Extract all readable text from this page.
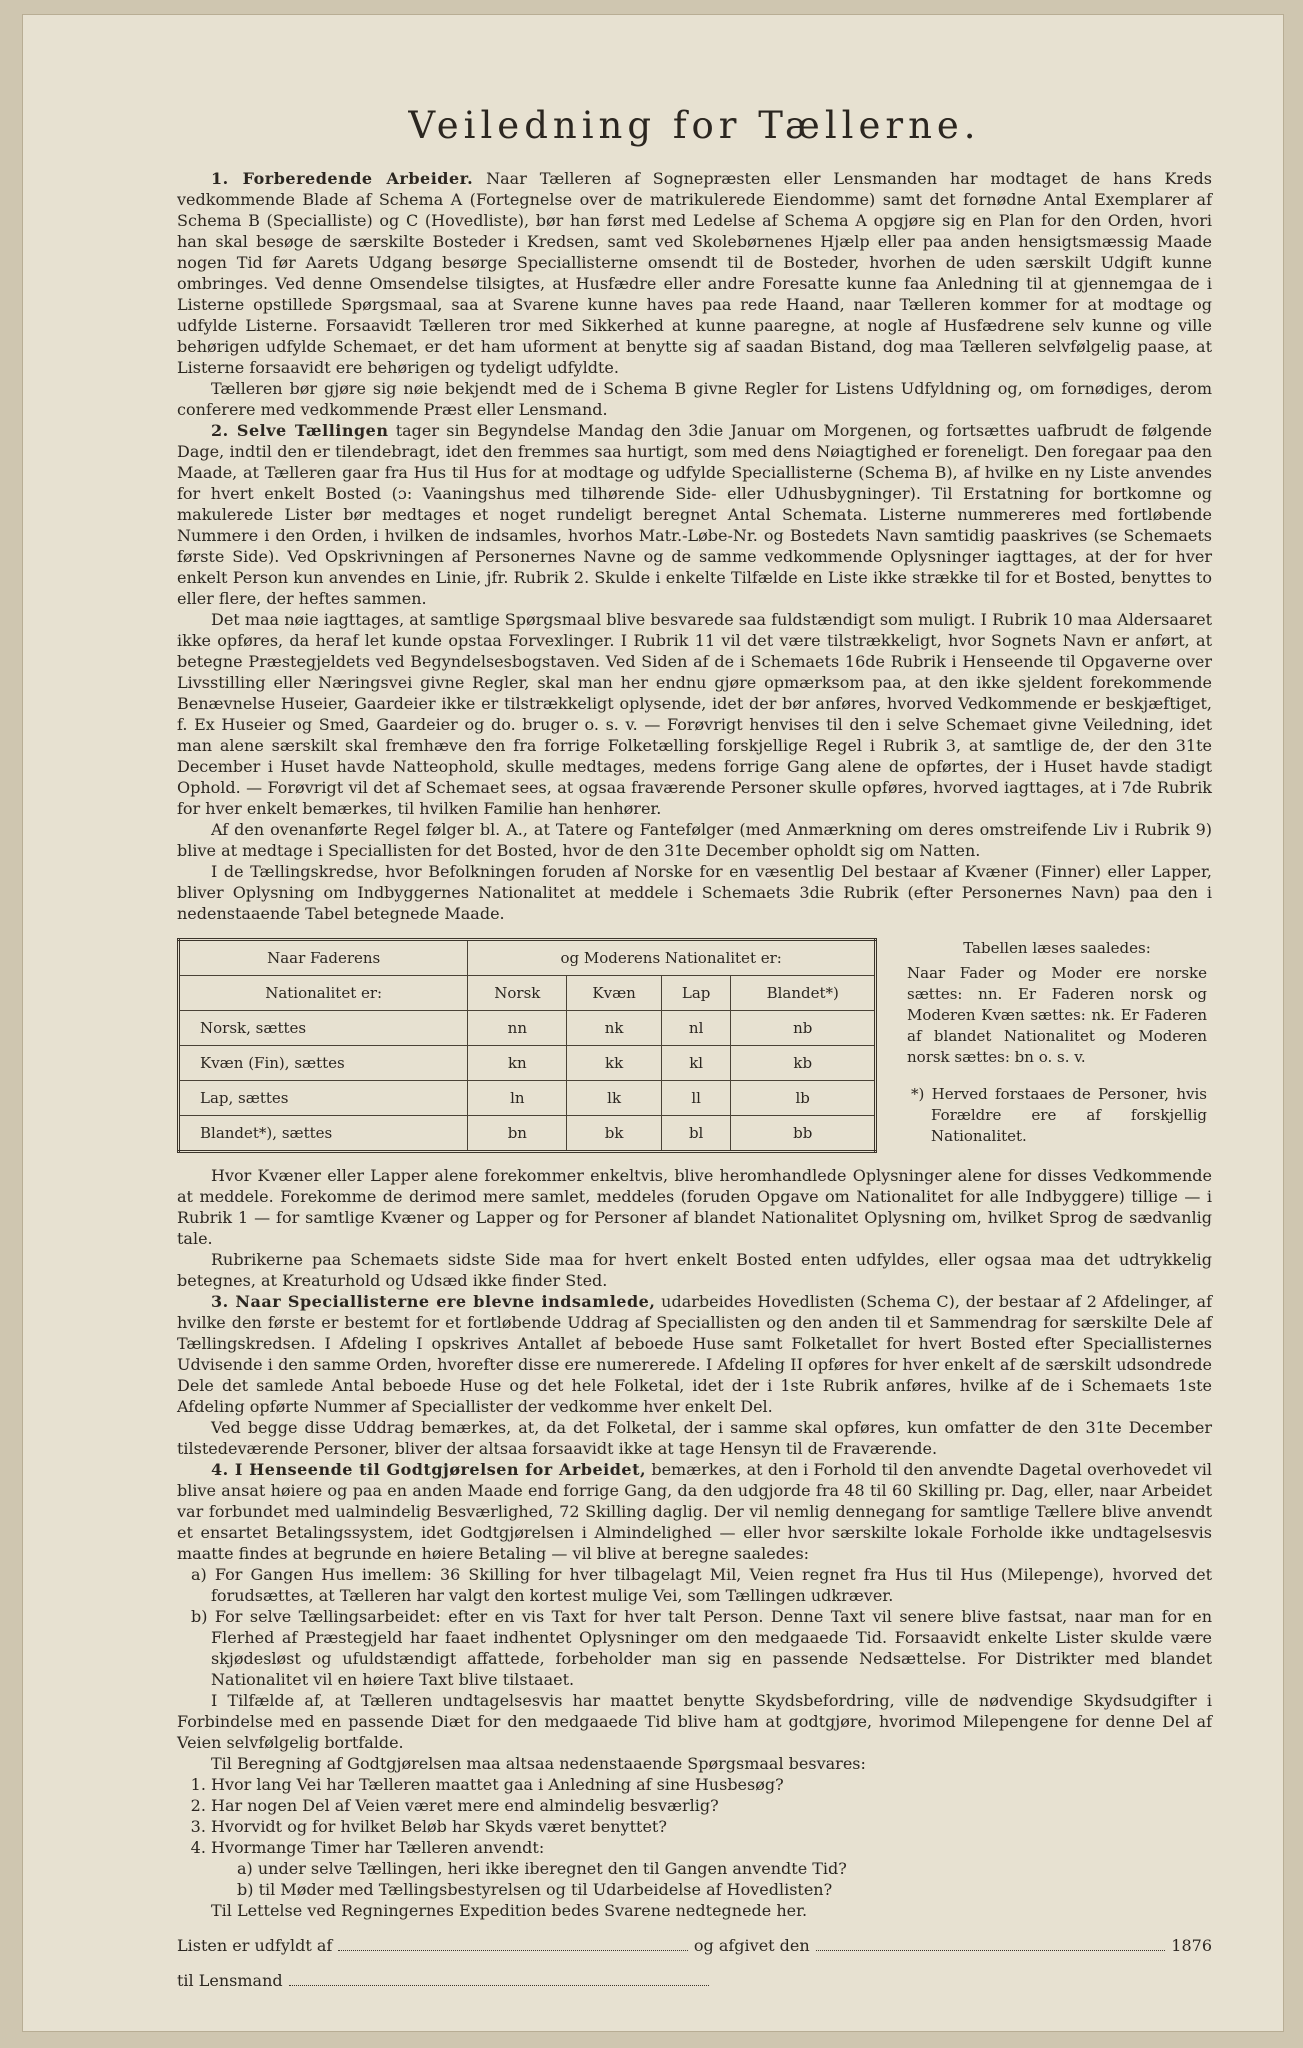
Veiledning for Tællerne.

1. Forberedende Arbeider. Naar Tælleren af Sognepræsten eller Lensmanden har modtaget de hans Kreds vedkommende Blade af Schema A (Fortegnelse over de matrikulerede Eiendomme) samt det fornødne Antal Exemplarer af Schema B (Specialliste) og C (Hovedliste), bør han først med Ledelse af Schema A opgjøre sig en Plan for den Orden, hvori han skal besøge de særskilte Bosteder i Kredsen, samt ved Skolebørnenes Hjælp eller paa anden hensigtsmæssig Maade nogen Tid før Aarets Udgang besørge Speciallisterne omsendt til de Bosteder, hvorhen de uden særskilt Udgift kunne ombringes. Ved denne Omsendelse tilsigtes, at Husfædre eller andre Foresatte kunne faa Anledning til at gjennemgaa de i Listerne opstillede Spørgsmaal, saa at Svarene kunne haves paa rede Haand, naar Tælleren kommer for at modtage og udfylde Listerne. Forsaavidt Tælleren tror med Sikkerhed at kunne paaregne, at nogle af Husfædrene selv kunne og ville behørigen udfylde Schemaet, er det ham uforment at benytte sig af saadan Bistand, dog maa Tælleren selvfølgelig paase, at Listerne forsaavidt ere behørigen og tydeligt udfyldte.

Tælleren bør gjøre sig nøie bekjendt med de i Schema B givne Regler for Listens Udfyldning og, om fornødiges, derom conferere med vedkommende Præst eller Lensmand.

2. Selve Tællingen tager sin Begyndelse Mandag den 3die Januar om Morgenen, og fortsættes uafbrudt de følgende Dage, indtil den er tilendebragt, idet den fremmes saa hurtigt, som med dens Nøiagtighed er foreneligt. Den foregaar paa den Maade, at Tælleren gaar fra Hus til Hus for at modtage og udfylde Speciallisterne (Schema B), af hvilke en ny Liste anvendes for hvert enkelt Bosted (ɔ: Vaaningshus med tilhørende Side- eller Udhusbygninger). Til Erstatning for bortkomne og makulerede Lister bør medtages et noget rundeligt beregnet Antal Schemata. Listerne nummereres med fortløbende Nummere i den Orden, i hvilken de indsamles, hvorhos Matr.-Løbe-Nr. og Bostedets Navn samtidig paaskrives (se Schemaets første Side). Ved Opskrivningen af Personernes Navne og de samme vedkommende Oplysninger iagttages, at der for hver enkelt Person kun anvendes en Linie, jfr. Rubrik 2. Skulde i enkelte Tilfælde en Liste ikke strække til for et Bosted, benyttes to eller flere, der heftes sammen.

Det maa nøie iagttages, at samtlige Spørgsmaal blive besvarede saa fuldstændigt som muligt. I Rubrik 10 maa Aldersaaret ikke opføres, da heraf let kunde opstaa Forvexlinger. I Rubrik 11 vil det være tilstrækkeligt, hvor Sognets Navn er anført, at betegne Præstegjeldets ved Begyndelsesbogstaven. Ved Siden af de i Schemaets 16de Rubrik i Henseende til Opgaverne over Livsstilling eller Næringsvei givne Regler, skal man her endnu gjøre opmærksom paa, at den ikke sjeldent forekommende Benævnelse Huseier, Gaardeier ikke er tilstrækkeligt oplysende, idet der bør anføres, hvorved Vedkommende er beskjæftiget, f. Ex Huseier og Smed, Gaardeier og do. bruger o. s. v. — Forøvrigt henvises til den i selve Schemaet givne Veiledning, idet man alene særskilt skal fremhæve den fra forrige Folketælling forskjellige Regel i Rubrik 3, at samtlige de, der den 31te December i Huset havde Natteophold, skulle medtages, medens forrige Gang alene de opførtes, der i Huset havde stadigt Ophold. — Forøvrigt vil det af Schemaet sees, at ogsaa fraværende Personer skulle opføres, hvorved iagttages, at i 7de Rubrik for hver enkelt bemærkes, til hvilken Familie han henhører.

Af den ovenanførte Regel følger bl. A., at Tatere og Fantefølger (med Anmærkning om deres omstreifende Liv i Rubrik 9) blive at medtage i Speciallisten for det Bosted, hvor de den 31te December opholdt sig om Natten.

I de Tællingskredse, hvor Befolkningen foruden af Norske for en væsentlig Del bestaar af Kvæner (Finner) eller Lapper, bliver Oplysning om Indbyggernes Nationalitet at meddele i Schemaets 3die Rubrik (efter Personernes Navn) paa den i nedenstaaende Tabel betegnede Maade.

Naar Faderens	og Moderens Nationalitet er:			
Nationalitet er:	Norsk	Kvæn	Lap	Blandet*)
Norsk, sættes	nn	nk	nl	nb
Kvæn (Fin), sættes	kn	kk	kl	kb
Lap, sættes	ln	lk	ll	lb
Blandet*), sættes	bn	bk	bl	bb
Tabellen læses saaledes:
Naar Fader og Moder ere norske sættes: nn. Er Faderen norsk og Moderen Kvæn sættes: nk. Er Faderen af blandet Nationalitet og Moderen norsk sættes: bn o. s. v.
*) Herved forstaaes de Personer, hvis Forældre ere af forskjellig Nationalitet.

Hvor Kvæner eller Lapper alene forekommer enkeltvis, blive heromhandlede Oplysninger alene for disses Vedkommende at meddele. Forekomme de derimod mere samlet, meddeles (foruden Opgave om Nationalitet for alle Indbyggere) tillige — i Rubrik 1 — for samtlige Kvæner og Lapper og for Personer af blandet Nationalitet Oplysning om, hvilket Sprog de sædvanlig tale.

Rubrikerne paa Schemaets sidste Side maa for hvert enkelt Bosted enten udfyldes, eller ogsaa maa det udtrykkelig betegnes, at Kreaturhold og Udsæd ikke finder Sted.

3. Naar Speciallisterne ere blevne indsamlede, udarbeides Hovedlisten (Schema C), der bestaar af 2 Afdelinger, af hvilke den første er bestemt for et fortløbende Uddrag af Speciallisten og den anden til et Sammendrag for særskilte Dele af Tællingskredsen. I Afdeling I opskrives Antallet af beboede Huse samt Folketallet for hvert Bosted efter Speciallisternes Udvisende i den samme Orden, hvorefter disse ere numererede. I Afdeling II opføres for hver enkelt af de særskilt udsondrede Dele det samlede Antal beboede Huse og det hele Folketal, idet der i 1ste Rubrik anføres, hvilke af de i Schemaets 1ste Afdeling opførte Nummer af Speciallister der vedkomme hver enkelt Del.

Ved begge disse Uddrag bemærkes, at, da det Folketal, der i samme skal opføres, kun omfatter de den 31te December tilstedeværende Personer, bliver der altsaa forsaavidt ikke at tage Hensyn til de Fraværende.

4. I Henseende til Godtgjørelsen for Arbeidet, bemærkes, at den i Forhold til den anvendte Dagetal overhovedet vil blive ansat høiere og paa en anden Maade end forrige Gang, da den udgjorde fra 48 til 60 Skilling pr. Dag, eller, naar Arbeidet var forbundet med ualmindelig Besværlighed, 72 Skilling daglig. Der vil nemlig dennegang for samtlige Tællere blive anvendt et ensartet Betalingssystem, idet Godtgjørelsen i Almindelighed — eller hvor særskilte lokale Forholde ikke undtagelsesvis maatte findes at begrunde en høiere Betaling — vil blive at beregne saaledes:

a) For Gangen Hus imellem: 36 Skilling for hver tilbagelagt Mil, Veien regnet fra Hus til Hus (Milepenge), hvorved det forudsættes, at Tælleren har valgt den kortest mulige Vei, som Tællingen udkræver.

b) For selve Tællingsarbeidet: efter en vis Taxt for hver talt Person. Denne Taxt vil senere blive fastsat, naar man for en Flerhed af Præstegjeld har faaet indhentet Oplysninger om den medgaaede Tid. Forsaavidt enkelte Lister skulde være skjødesløst og ufuldstændigt affattede, forbeholder man sig en passende Nedsættelse. For Distrikter med blandet Nationalitet vil en høiere Taxt blive tilstaaet.

I Tilfælde af, at Tælleren undtagelsesvis har maattet benytte Skydsbefordring, ville de nødvendige Skydsudgifter i Forbindelse med en passende Diæt for den medgaaede Tid blive ham at godtgjøre, hvorimod Milepengene for denne Del af Veien selvfølgelig bortfalde.

Til Beregning af Godtgjørelsen maa altsaa nedenstaaende Spørgsmaal besvares:

1. Hvor lang Vei har Tælleren maattet gaa i Anledning af sine Husbesøg?
2. Har nogen Del af Veien været mere end almindelig besværlig?
3. Hvorvidt og for hvilket Beløb har Skyds været benyttet?
4. Hvormange Timer har Tælleren anvendt:
a) under selve Tællingen, heri ikke iberegnet den til Gangen anvendte Tid?
b) til Møder med Tællingsbestyrelsen og til Udarbeidelse af Hovedlisten?

Til Lettelse ved Regningernes Expedition bedes Svarene nedtegnede her.

Listen er udfyldt af	og afgivet den	1876
til Lensmand
